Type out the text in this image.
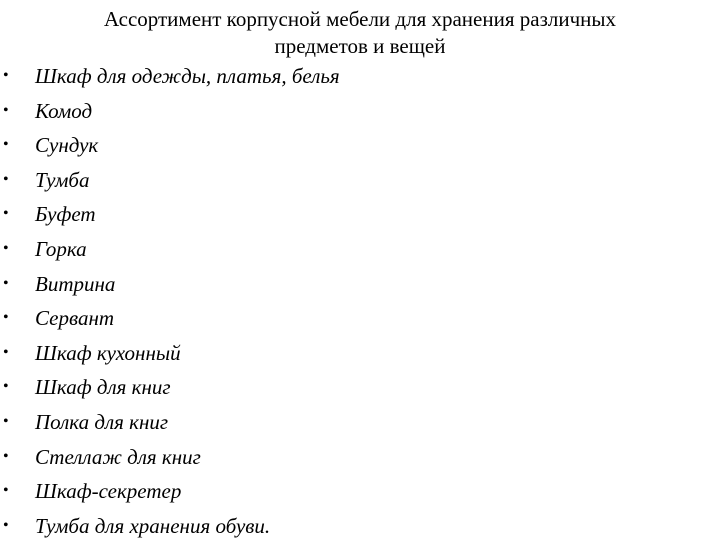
Ассортимент корпусной мебели для хранения различных
предметов и вещей
• Шкаф для одежды, платья, белья
• Комод
• Сундук
• Тумба
• Буфет
• Горка
• Витрина
• Сервант
• Шкаф кухонный
• Шкаф для книг
• Полка для книг
• Стеллаж для книг
• Шкаф-секретер
• Тумба для хранения обуви.
